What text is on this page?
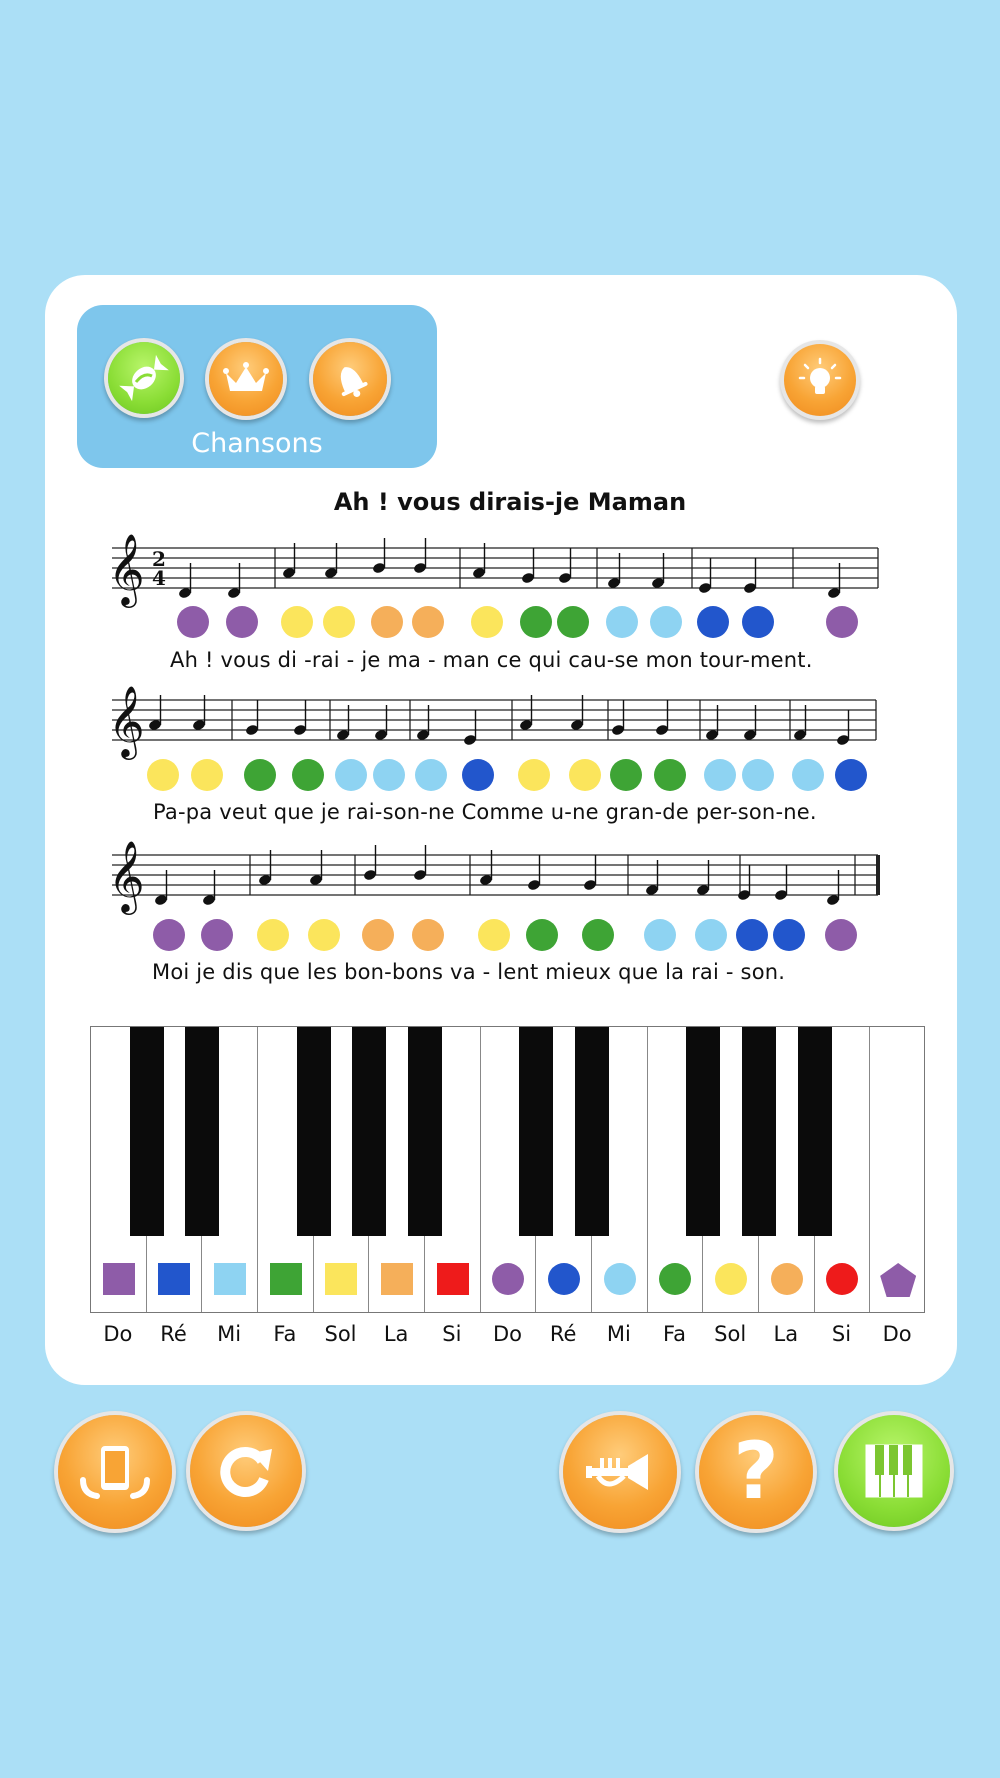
Chansons
Ah ! vous dirais-je Maman
𝄞
𝄞
𝄞
2
4
Ah ! vous di -rai - je ma - man ce qui cau-se mon tour-ment.
Pa-pa veut que je rai-son-ne Comme u-ne gran-de per-son-ne.
Moi je dis que les bon-bons va - lent mieux que la rai - son.
Do	Ré	Mi	Fa	Sol	La	Si	Do	Ré	Mi	Fa	Sol	La	Si	Do
?
